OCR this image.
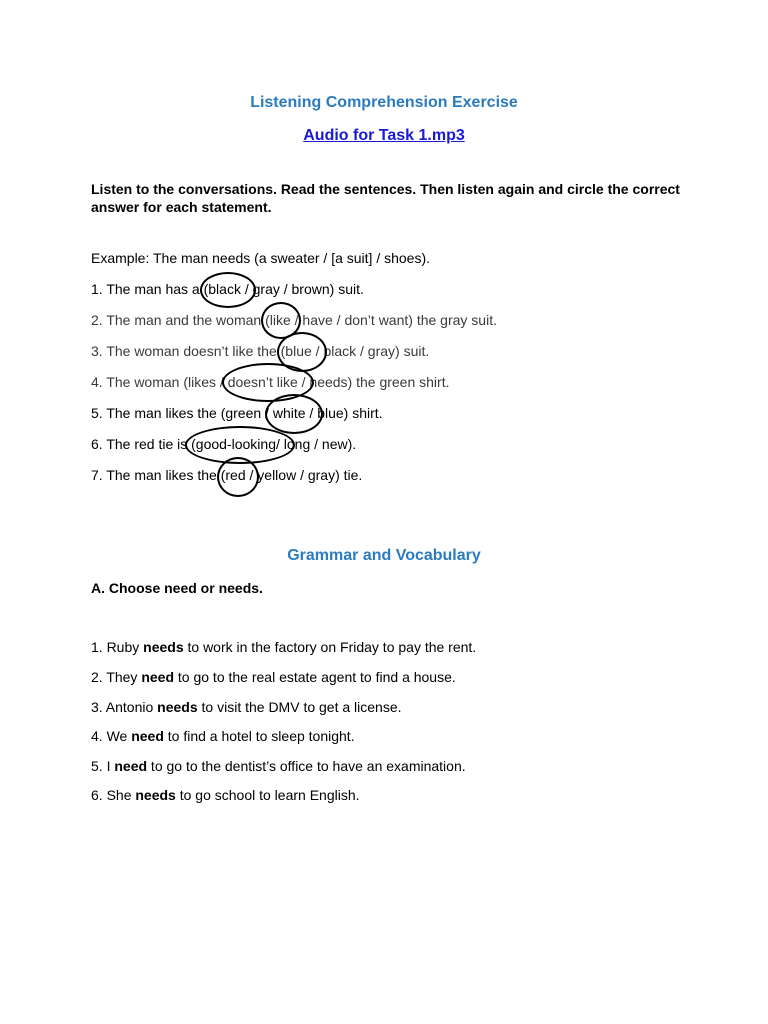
Listening Comprehension Exercise
Audio for Task 1.mp3
Listen to the conversations. Read the sentences. Then listen again and circle the correct answer for each statement.
Example: The man needs (a sweater / [a suit] / shoes).
1. The man has a (black
/ gray / brown) suit.
2. The man and the woman (like
/ have / don’t want) the gray suit.
3. The woman doesn’t like the (blue
/ black / gray) suit.
4. The woman (likes / doesn’t like
/ needs) the green shirt.
5. The man likes the (green / white
/ blue) shirt.
6. The red tie is (good-looking
/ long / new).
7. The man likes the (red
/ yellow / gray) tie.
Grammar and Vocabulary
A. Choose need or needs.
1. Ruby needs to work in the factory on Friday to pay the rent.
2. They need to go to the real estate agent to find a house.
3. Antonio needs to visit the DMV to get a license.
4. We need to find a hotel to sleep tonight.
5. I need to go to the dentist’s office to have an examination.
6. She needs to go school to learn English.
